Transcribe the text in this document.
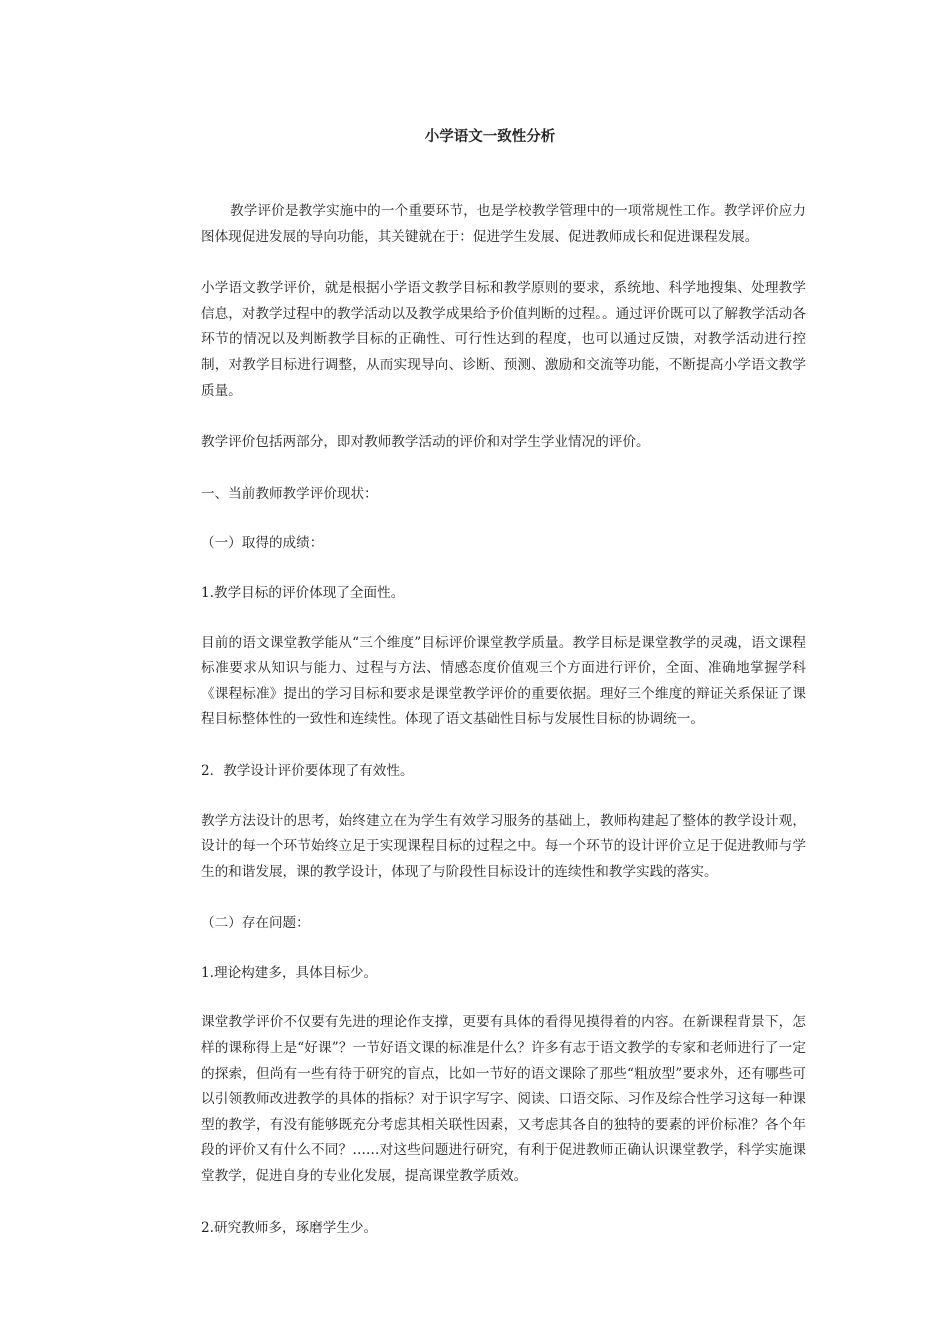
小学语文一致性分析

教学评价是教学实施中的一个重要环节，也是学校教学管理中的一项常规性工作。教学评价应力图体现促进发展的导向功能，其关键就在于：促进学生发展、促进教师成长和促进课程发展。

小学语文教学评价，就是根据小学语文教学目标和教学原则的要求，系统地、科学地搜集、处理教学信息，对教学过程中的教学活动以及教学成果给予价值判断的过程。。通过评价既可以了解教学活动各环节的情况以及判断教学目标的正确性、可行性达到的程度，也可以通过反馈，对教学活动进行控制，对教学目标进行调整，从而实现导向、诊断、预测、激励和交流等功能，不断提高小学语文教学质量。

教学评价包括两部分，即对教师教学活动的评价和对学生学业情况的评价。

一、当前教师教学评价现状：

（一）取得的成绩：

1.教学目标的评价体现了全面性。

目前的语文课堂教学能从“三个维度”目标评价课堂教学质量。教学目标是课堂教学的灵魂，语文课程标准要求从知识与能力、过程与方法、情感态度价值观三个方面进行评价，全面、准确地掌握学科《课程标准》提出的学习目标和要求是课堂教学评价的重要依据。理好三个维度的辩证关系保证了课程目标整体性的一致性和连续性。体现了语文基础性目标与发展性目标的协调统一。

2．教学设计评价要体现了有效性。

教学方法设计的思考，始终建立在为学生有效学习服务的基础上，教师构建起了整体的教学设计观，设计的每一个环节始终立足于实现课程目标的过程之中。每一个环节的设计评价立足于促进教师与学生的和谐发展，课的教学设计，体现了与阶段性目标设计的连续性和教学实践的落实。

（二）存在问题：

1.理论构建多，具体目标少。

课堂教学评价不仅要有先进的理论作支撑，更要有具体的看得见摸得着的内容。在新课程背景下，怎样的课称得上是“好课”？一节好语文课的标准是什么？许多有志于语文教学的专家和老师进行了一定的探索，但尚有一些有待于研究的盲点，比如一节好的语文课除了那些“粗放型”要求外，还有哪些可以引领教师改进教学的具体的指标？对于识字写字、阅读、口语交际、习作及综合性学习这每一种课型的教学，有没有能够既充分考虑其相关联性因素，又考虑其各自的独特的要素的评价标准？各个年段的评价又有什么不同？……对这些问题进行研究，有利于促进教师正确认识课堂教学，科学实施课堂教学，促进自身的专业化发展，提高课堂教学质效。

2.研究教师多，琢磨学生少。
